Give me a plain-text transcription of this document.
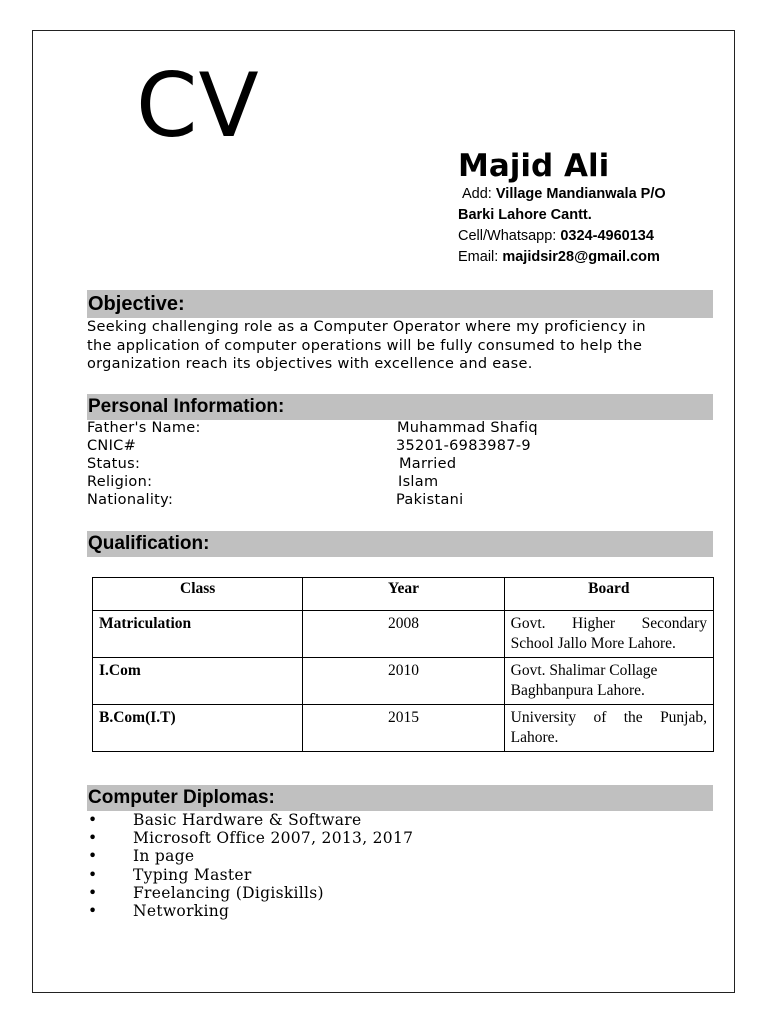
CV
Majid Ali
Add: Village Mandianwala P/O
Barki Lahore Cantt.
Cell/Whatsapp: 0324-4960134
Email: majidsir28@gmail.com
Objective:
Seeking challenging role as a Computer Operator where my proficiency in
the application of computer operations will be fully consumed to help the
organization reach its objectives with excellence and ease.
Personal Information:
Father's Name:	Muhammad Shafiq
CNIC#	35201-6983987-9
Status:	Married
Religion:	Islam
Nationality:	Pakistani
Qualification:
Class	Year	Board
Matriculation	2008	Govt. Higher Secondary School Jallo More Lahore.
I.Com	2010	Govt. Shalimar Collage Baghbanpura Lahore.
B.Com(I.T)	2015	University of the Punjab, Lahore.
Computer Diplomas:
• Basic Hardware & Software
• Microsoft Office 2007, 2013, 2017
• In page
• Typing Master
• Freelancing (Digiskills)
• Networking
